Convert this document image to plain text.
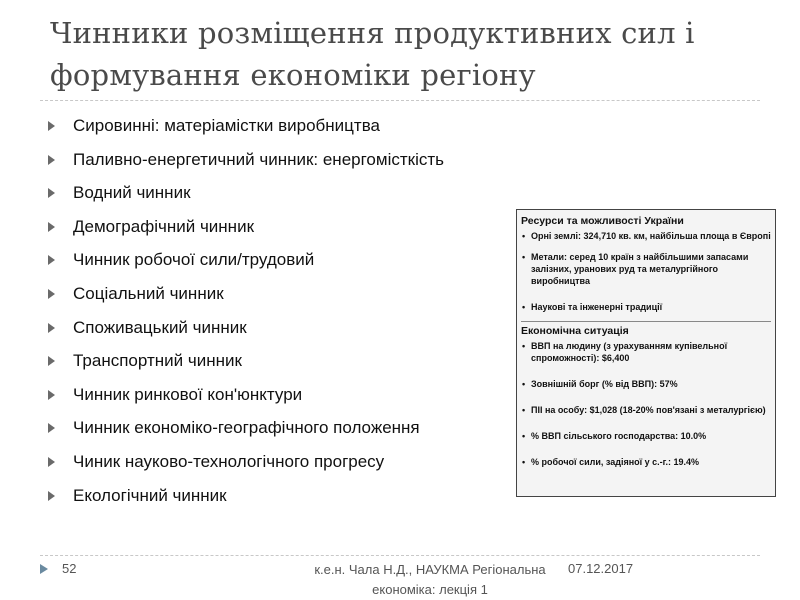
Чинники розміщення продуктивних сил і
формування економіки регіону
Сировинні: матеріамістки виробництва
Паливно-енергетичний чинник: енергомісткість
Водний чинник
Демографічний чинник
Чинник робочої сили/трудовий
Соціальний чинник
Споживацький чинник
Транспортний чинник
Чинник ринкової кон'юнктури
Чинник економіко-географічного положення
Чиник науково-технологічного прогресу
Екологічний чинник
Ресурси та можливості України
• Орні землі: 324,710 кв. км, найбільша площа в Європі
• Метали: серед 10 країн з найбільшими запасами залізних, уранових руд та металургійного виробництва
• Наукові та інженерні традиції
Економічна ситуація
• ВВП на людину (з урахуванням купівельної спроможності): $6,400
• Зовнішній борг (% від ВВП): 57%
• ПІІ на особу: $1,028 (18-20% пов'язані з металургією)
• % ВВП сільського господарства: 10.0%
• % робочої сили, задіяної у с.-г.: 19.4%
52	к.е.н. Чала Н.Д., НАУКМА Регіональна економіка: лекція 1
07.12.2017
